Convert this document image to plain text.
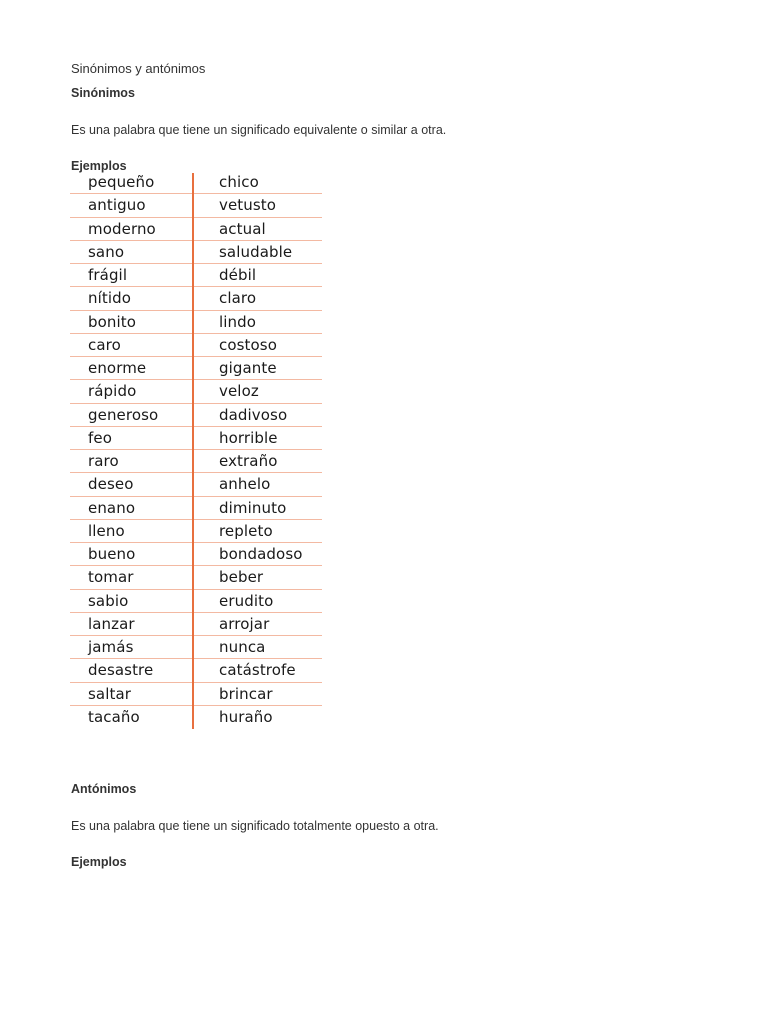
Sinónimos y antónimos
Sinónimos
Es una palabra que tiene un significado equivalente o similar a otra.
Ejemplos
pequeño	chico
antiguo	vetusto
moderno	actual
sano	saludable
frágil	débil
nítido	claro
bonito	lindo
caro	costoso
enorme	gigante
rápido	veloz
generoso	dadivoso
feo	horrible
raro	extraño
deseo	anhelo
enano	diminuto
lleno	repleto
bueno	bondadoso
tomar	beber
sabio	erudito
lanzar	arrojar
jamás	nunca
desastre	catástrofe
saltar	brincar
tacaño	huraño
Antónimos
Es una palabra que tiene un significado totalmente opuesto a otra.
Ejemplos
